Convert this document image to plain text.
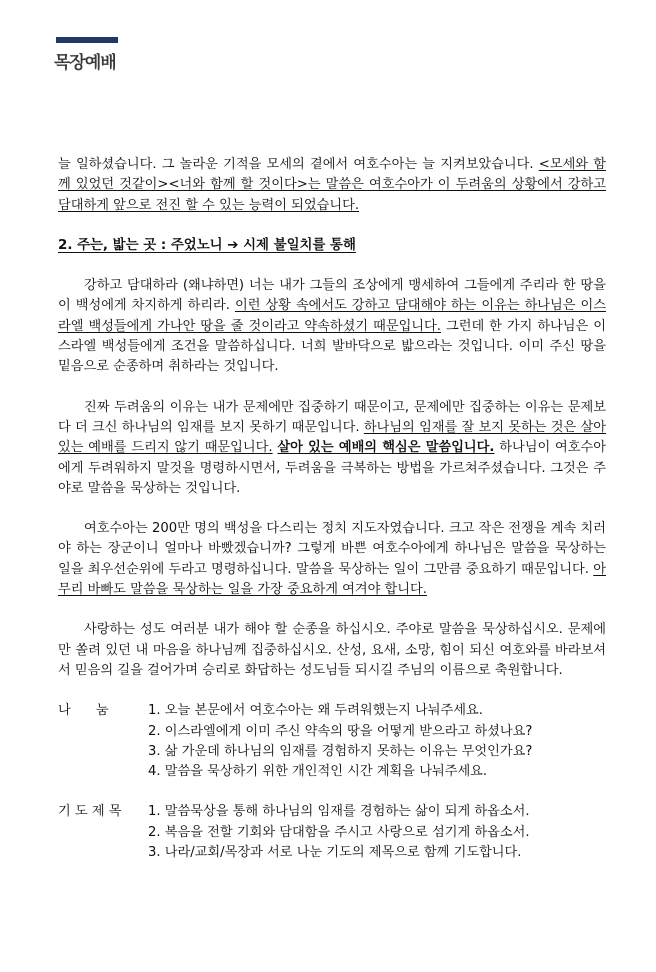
목장예배

늘 일하셨습니다. 그 놀라운 기적을 모세의 곁에서 여호수아는 늘 지켜보았습니다. <모세와 함께 있었던 것같이><너와 함께 할 것이다>는 말씀은 여호수아가 이 두려움의 상황에서 강하고 담대하게 앞으로 전진 할 수 있는 능력이 되었습니다.

2. 주는, 밟는 곳 : 주었노니 ➔ 시제 불일치를 통해

강하고 담대하라 (왜냐하면) 너는 내가 그들의 조상에게 맹세하여 그들에게 주리라 한 땅을 이 백성에게 차지하게 하리라. 이런 상황 속에서도 강하고 담대해야 하는 이유는 하나님은 이스라엘 백성들에게 가나안 땅을 줄 것이라고 약속하셨기 때문입니다. 그런데 한 가지 하나님은 이스라엘 백성들에게 조건을 말씀하십니다. 너희 발바닥으로 밟으라는 것입니다. 이미 주신 땅을 밑음으로 순종하며 취하라는 것입니다.

진짜 두려움의 이유는 내가 문제에만 집중하기 때문이고, 문제에만 집중하는 이유는 문제보다 더 크신 하나님의 임재를 보지 못하기 때문입니다. 하나님의 임재를 잘 보지 못하는 것은 살아 있는 예배를 드리지 않기 때문입니다. 살아 있는 예배의 핵심은 말씀입니다. 하나님이 여호수아에게 두려워하지 말것을 명령하시면서, 두려움을 극복하는 방법을 가르쳐주셨습니다. 그것은 주야로 말씀을 묵상하는 것입니다.

여호수아는 200만 명의 백성을 다스리는 정치 지도자였습니다. 크고 작은 전쟁을 계속 치러야 하는 장군이니 얼마나 바빴겠습니까? 그렇게 바쁜 여호수아에게 하나님은 말씀을 묵상하는 일을 최우선순위에 두라고 명령하십니다. 말씀을 묵상하는 일이 그만큼 중요하기 때문입니다. 아무리 바빠도 말씀을 묵상하는 일을 가장 중요하게 여겨야 합니다.

사랑하는 성도 여러분 내가 해야 할 순종을 하십시오. 주야로 말씀을 묵상하십시오. 문제에만 쏠려 있던 내 마음을 하나님께 집중하십시오. 산성, 요새, 소망, 힘이 되신 여호와를 바라보셔서 믿음의 길을 걸어가며 승리로 화답하는 성도님들 되시길 주님의 이름으로 축원합니다.

나      눔	1. 오늘 본문에서 여호수아는 왜 두려워했는지 나눠주세요.
2. 이스라엘에게 이미 주신 약속의 땅을 어떻게 받으라고 하셨나요?
3. 삶 가운데 하나님의 임재를 경험하지 못하는 이유는 무엇인가요?
4. 말씀을 묵상하기 위한 개인적인 시간 계획을 나눠주세요.
기 도 제 목	1. 말씀묵상을 통해 하나님의 임재를 경험하는 삶이 되게 하옵소서.
2. 복음을 전할 기회와 담대함을 주시고 사랑으로 섬기게 하옵소서.
3. 나라/교회/목장과 서로 나눈 기도의 제목으로 함께 기도합니다.
